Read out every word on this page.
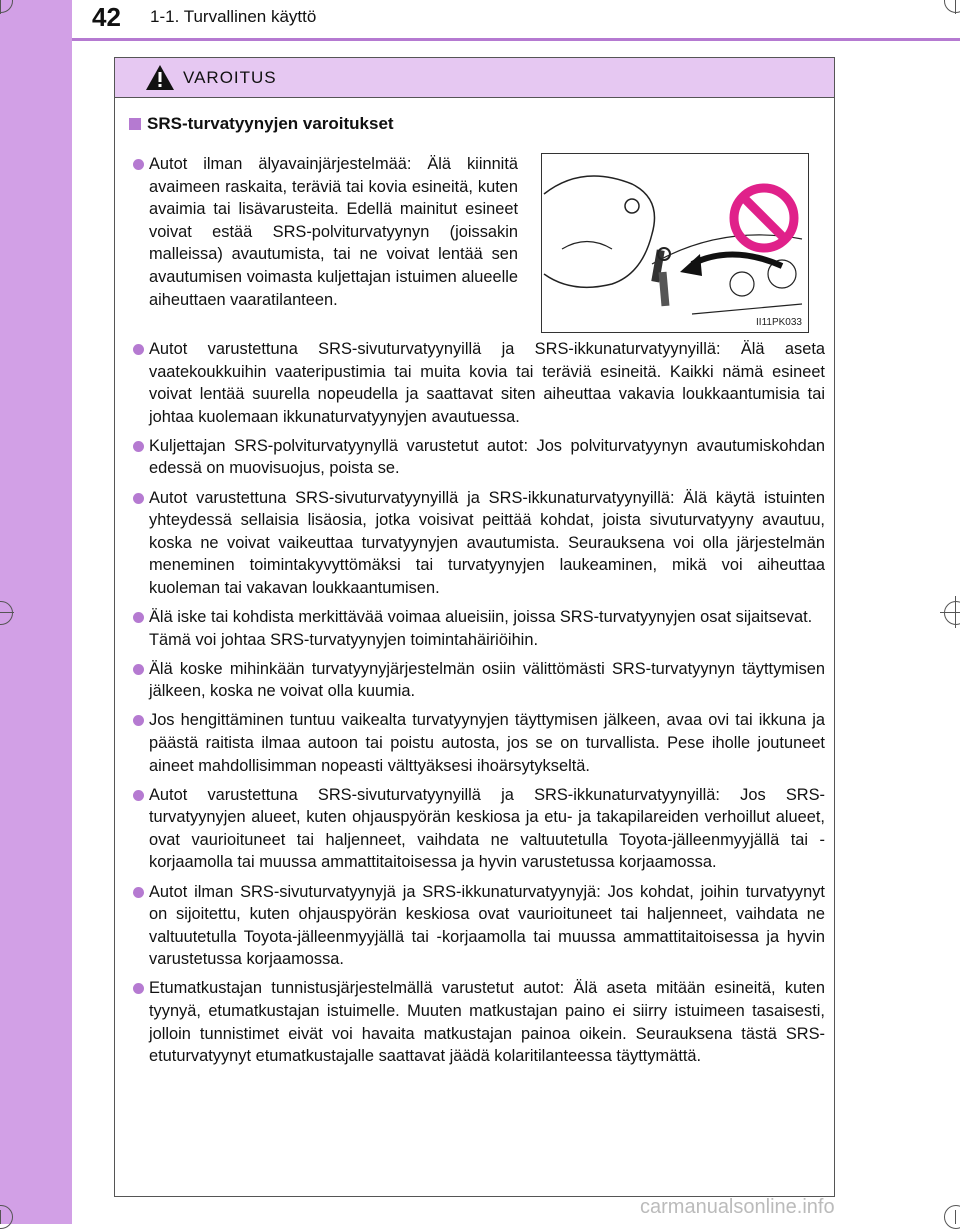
42 1-1. Turvallinen käyttö
VAROITUS
SRS-turvatyynyjen varoitukset
Autot ilman älyavainjärjestelmää: Älä kiinnitä avaimeen raskaita, teräviä tai kovia esineitä, kuten avaimia tai lisävarusteita. Edellä mainitut esineet voivat estää SRS-polviturvatyynyn (joissakin malleissa) avautumista, tai ne voivat lentää sen avautumisen voimasta kuljettajan istuimen alueelle aiheuttaen vaaratilanteen.
II11PK033
Autot varustettuna SRS-sivuturvatyynyillä ja SRS-ikkunaturvatyynyillä: Älä aseta vaatekoukkuihin vaateripustimia tai muita kovia tai teräviä esineitä. Kaikki nämä esineet voivat lentää suurella nopeudella ja saattavat siten aiheuttaa vakavia loukkaantumisia tai johtaa kuolemaan ikkunaturvatyynyjen avautuessa.
Kuljettajan SRS-polviturvatyynyllä varustetut autot: Jos polviturvatyynyn avautumiskohdan edessä on muovisuojus, poista se.
Autot varustettuna SRS-sivuturvatyynyillä ja SRS-ikkunaturvatyynyillä: Älä käytä istuinten yhteydessä sellaisia lisäosia, jotka voisivat peittää kohdat, joista sivuturvatyyny avautuu, koska ne voivat vaikeuttaa turvatyynyjen avautumista. Seurauksena voi olla järjestelmän meneminen toimintakyvyttömäksi tai turvatyynyjen laukeaminen, mikä voi aiheuttaa kuoleman tai vakavan loukkaantumisen.
Älä iske tai kohdista merkittävää voimaa alueisiin, joissa SRS-turvatyynyjen osat sijaitsevat.
Tämä voi johtaa SRS-turvatyynyjen toimintahäiriöihin.
Älä koske mihinkään turvatyynyjärjestelmän osiin välittömästi SRS-turvatyynyn täyttymisen jälkeen, koska ne voivat olla kuumia.
Jos hengittäminen tuntuu vaikealta turvatyynyjen täyttymisen jälkeen, avaa ovi tai ikkuna ja päästä raitista ilmaa autoon tai poistu autosta, jos se on turvallista. Pese iholle joutuneet aineet mahdollisimman nopeasti välttyäksesi ihoärsytykseltä.
Autot varustettuna SRS-sivuturvatyynyillä ja SRS-ikkunaturvatyynyillä: Jos SRS-turvatyynyjen alueet, kuten ohjauspyörän keskiosa ja etu- ja takapilareiden verhoillut alueet, ovat vaurioituneet tai haljenneet, vaihdata ne valtuutetulla Toyota-jälleenmyyjällä tai -korjaamolla tai muussa ammattitaitoisessa ja hyvin varustetussa korjaamossa.
Autot ilman SRS-sivuturvatyynyjä ja SRS-ikkunaturvatyynyjä: Jos kohdat, joihin turvatyynyt on sijoitettu, kuten ohjauspyörän keskiosa ovat vaurioituneet tai haljenneet, vaihdata ne valtuutetulla Toyota-jälleenmyyjällä tai -korjaamolla tai muussa ammattitaitoisessa ja hyvin varustetussa korjaamossa.
Etumatkustajan tunnistusjärjestelmällä varustetut autot: Älä aseta mitään esineitä, kuten tyynyä, etumatkustajan istuimelle. Muuten matkustajan paino ei siirry istuimeen tasaisesti, jolloin tunnistimet eivät voi havaita matkustajan painoa oikein. Seurauksena tästä SRS-etuturvatyynyt etumatkustajalle saattavat jäädä kolaritilanteessa täyttymättä.
carmanualsonline.info
